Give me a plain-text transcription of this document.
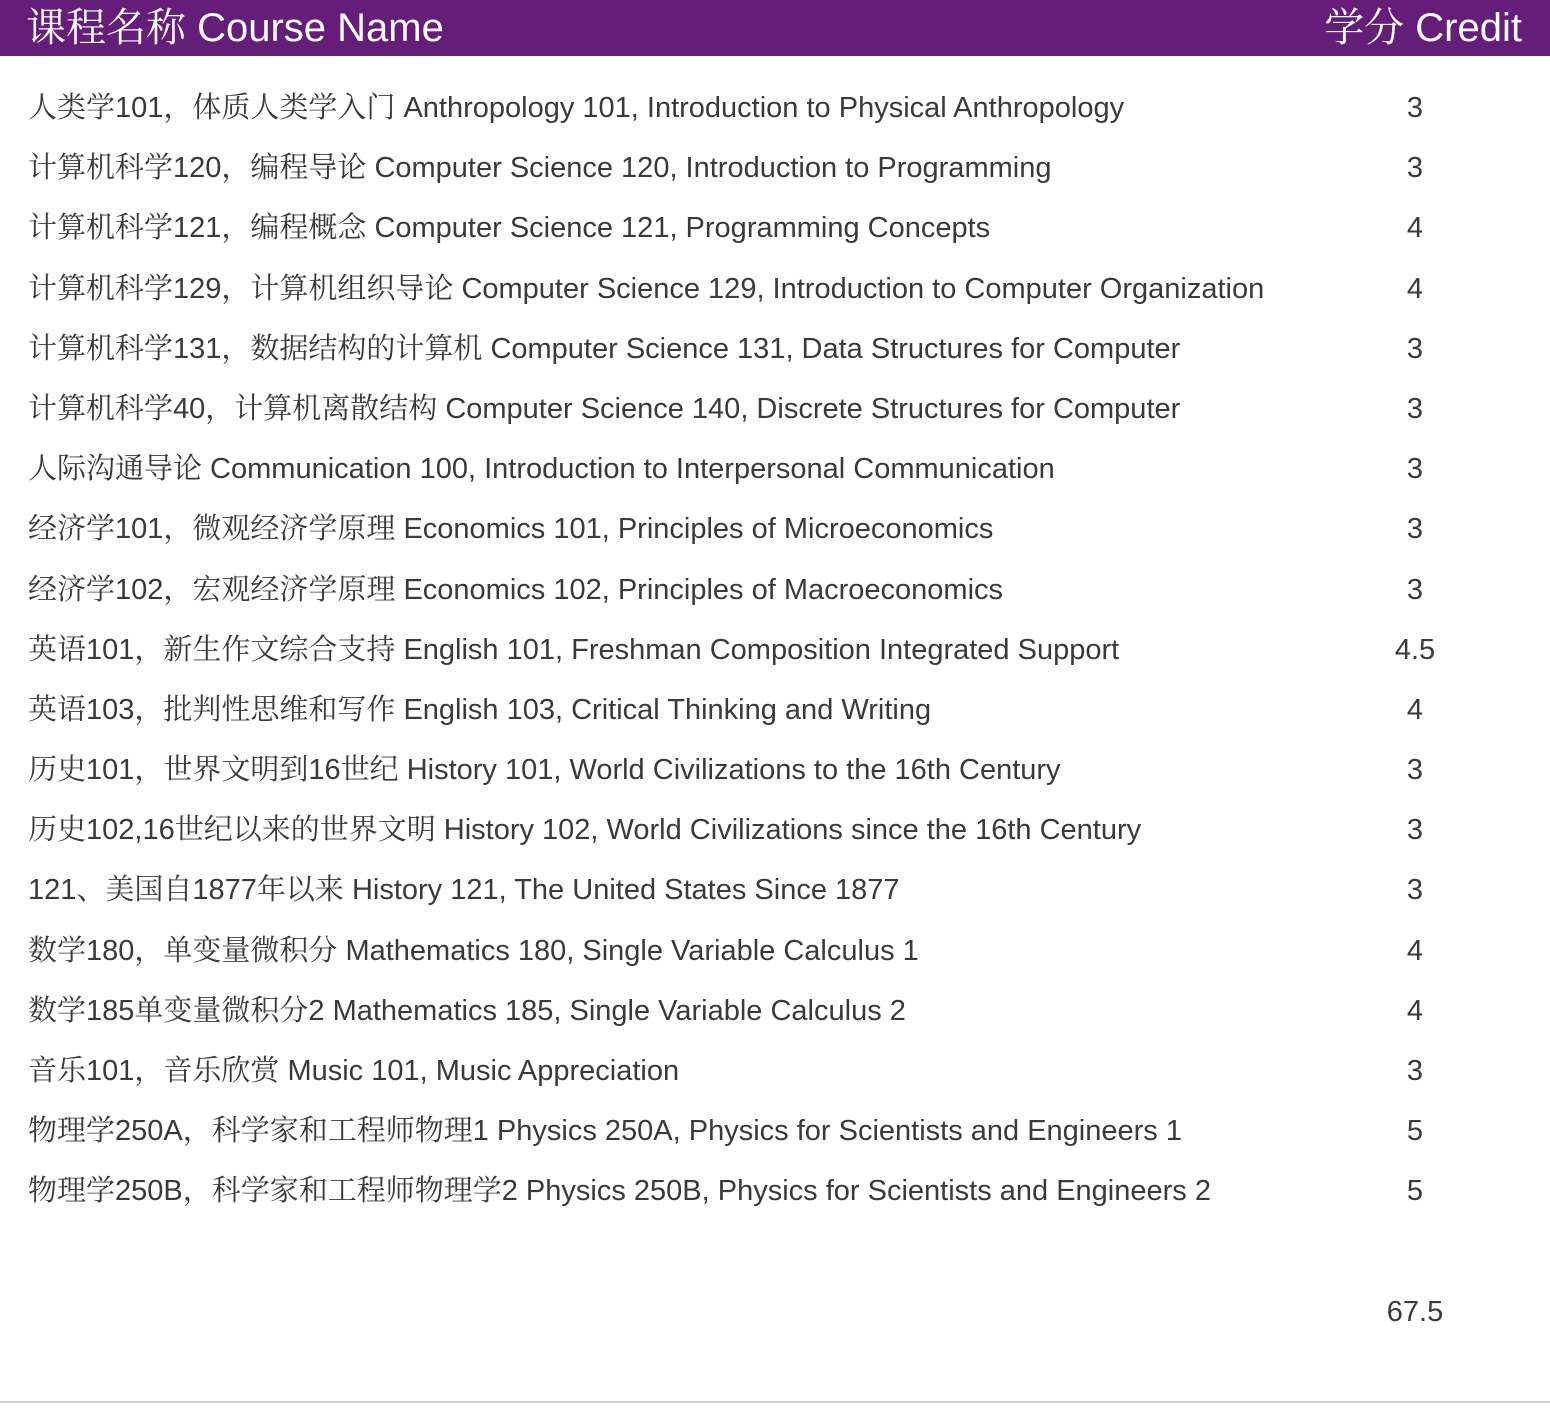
课程名称 Course Name	学分 Credit
人类学101，体质人类学入门 Anthropology 101, Introduction to Physical Anthropology	3
计算机科学120，编程导论 Computer Science 120, Introduction to Programming	3
计算机科学121，编程概念 Computer Science 121, Programming Concepts	4
计算机科学129，计算机组织导论 Computer Science 129, Introduction to Computer Organization	4
计算机科学131，数据结构的计算机 Computer Science 131, Data Structures for Computer	3
计算机科学40，计算机离散结构 Computer Science 140, Discrete Structures for Computer	3
人际沟通导论 Communication 100, Introduction to Interpersonal Communication	3
经济学101，微观经济学原理 Economics 101, Principles of Microeconomics	3
经济学102，宏观经济学原理 Economics 102, Principles of Macroeconomics	3
英语101，新生作文综合支持 English 101, Freshman Composition Integrated Support	4.5
英语103，批判性思维和写作 English 103, Critical Thinking and Writing	4
历史101，世界文明到16世纪 History 101, World Civilizations to the 16th Century	3
历史102,16世纪以来的世界文明 History 102, World Civilizations since the 16th Century	3
121、美国自1877年以来 History 121, The United States Since 1877	3
数学180，单变量微积分 Mathematics 180, Single Variable Calculus 1	4
数学185单变量微积分2 Mathematics 185, Single Variable Calculus 2	4
音乐101，音乐欣赏 Music 101, Music Appreciation	3
物理学250A，科学家和工程师物理1 Physics 250A, Physics for Scientists and Engineers 1	5
物理学250B，科学家和工程师物理学2 Physics 250B, Physics for Scientists and Engineers 2	5
67.5
